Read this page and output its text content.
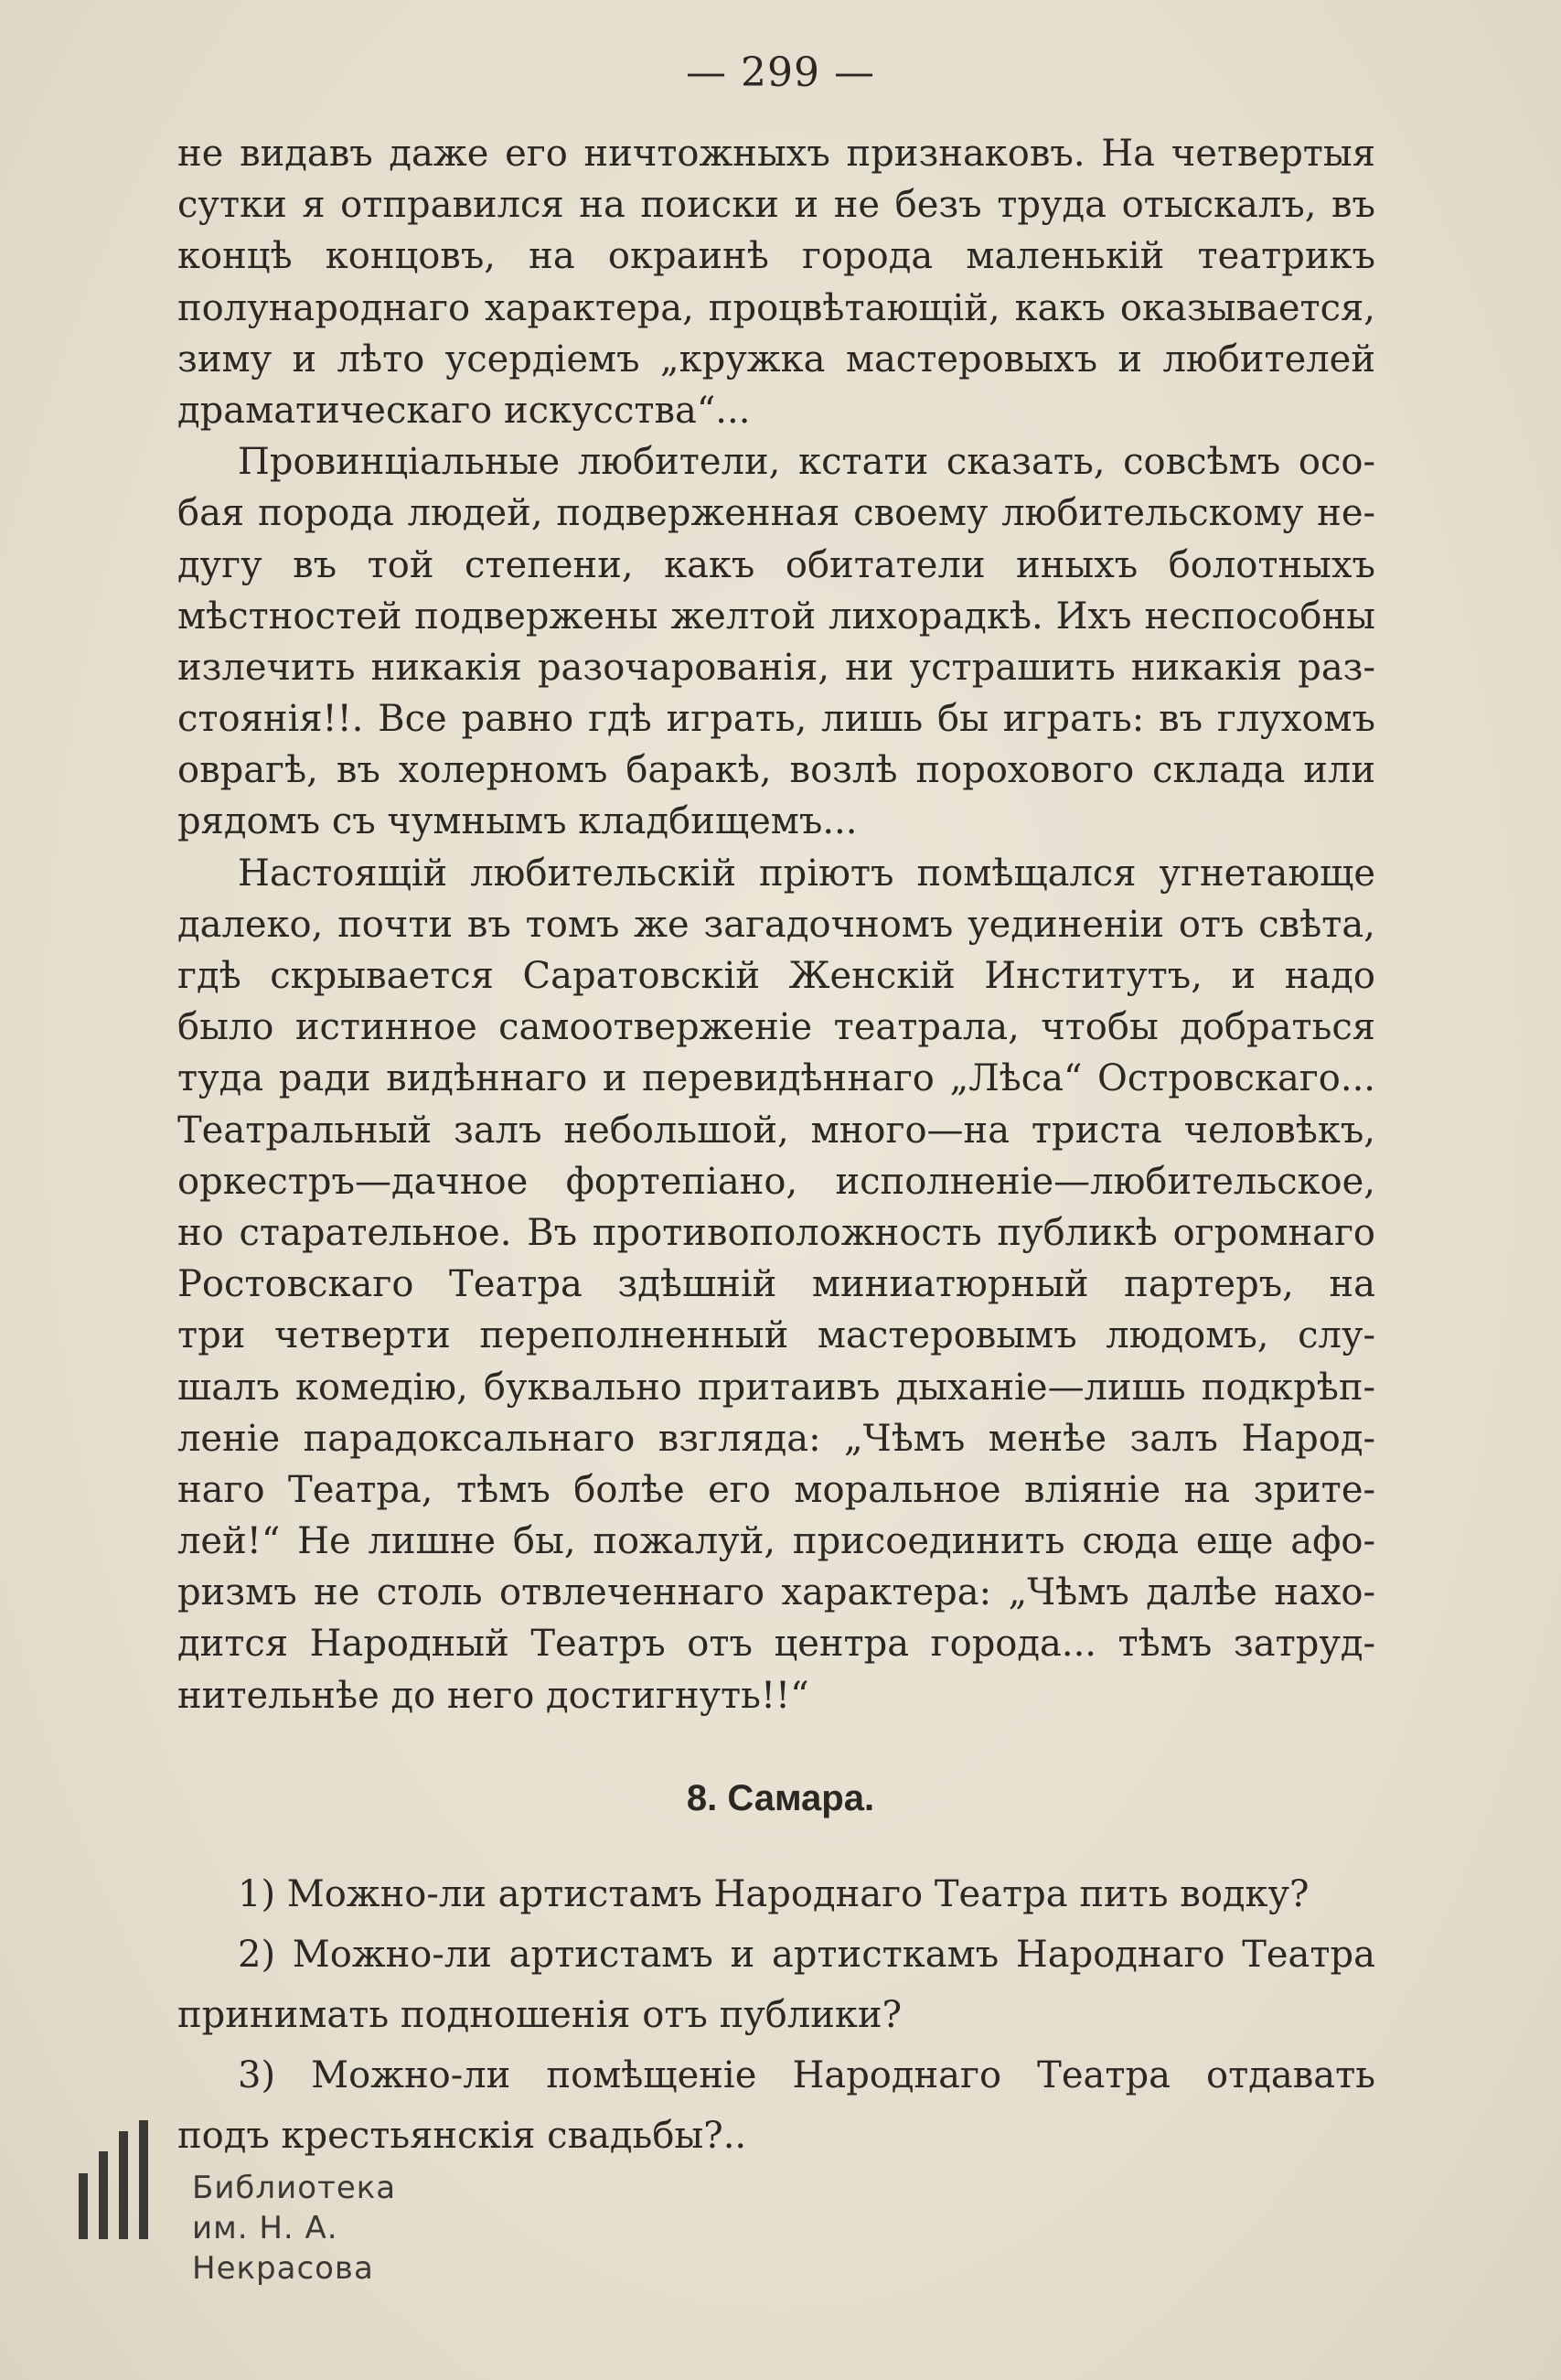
— 299 —
не видавъ даже его ничтожныхъ признаковъ. На четвертыя
сутки я отправился на поиски и не безъ труда отыскалъ, въ
концѣ концовъ, на окраинѣ города маленькiй театрикъ
полународнаго характера, процвѣтающiй, какъ оказывается,
зиму и лѣто усердiемъ „кружка мастеровыхъ и любителей
драматическаго искусства“...
Провинцiальные любители, кстати сказать, совсѣмъ осо-
бая порода людей, подверженная своему любительскому не-
дугу въ той степени, какъ обитатели иныхъ болотныхъ
мѣстностей подвержены желтой лихорадкѣ. Ихъ неспособны
излечить никакiя разочарованiя, ни устрашить никакiя раз-
стоянiя!!. Все равно гдѣ играть, лишь бы играть: въ глухомъ
оврагѣ, въ холерномъ баракѣ, возлѣ порохового склада или
рядомъ съ чумнымъ кладбищемъ...
Настоящiй любительскiй прiютъ помѣщался угнетающе
далеко, почти въ томъ же загадочномъ уединенiи отъ свѣта,
гдѣ скрывается Саратовскiй Женскiй Институтъ, и надо
было истинное самоотверженiе театрала, чтобы добраться
туда ради видѣннаго и перевидѣннаго „Лѣса“ Островскаго...
Театральный залъ небольшой, много—на триста человѣкъ,
оркестръ—дачное фортепiано, исполненiе—любительское,
но старательное. Въ противоположность публикѣ огромнаго
Ростовскаго Театра здѣшнiй миниатюрный партеръ, на
три четверти переполненный мастеровымъ людомъ, слу-
шалъ комедiю, буквально притаивъ дыханiе—лишь подкрѣп-
ленiе парадоксальнаго взгляда: „Чѣмъ менѣе залъ Народ-
наго Театра, тѣмъ болѣе его моральное влiянiе на зрите-
лей!“ Не лишне бы, пожалуй, присоединить сюда еще афо-
ризмъ не столь отвлеченнаго характера: „Чѣмъ далѣе нахо-
дится Народный Театръ отъ центра города... тѣмъ затруд-
нительнѣе до него достигнуть!!“
8. Самара.
1) Можно-ли артистамъ Народнаго Театра пить водку?
2) Можно-ли артистамъ и артисткамъ Народнаго Театра
принимать подношенiя отъ публики?
3) Можно-ли помѣщенiе Народнаго Театра отдавать
подъ крестьянскiя свадьбы?..
Библиотека
им. Н. А. Некрасова
